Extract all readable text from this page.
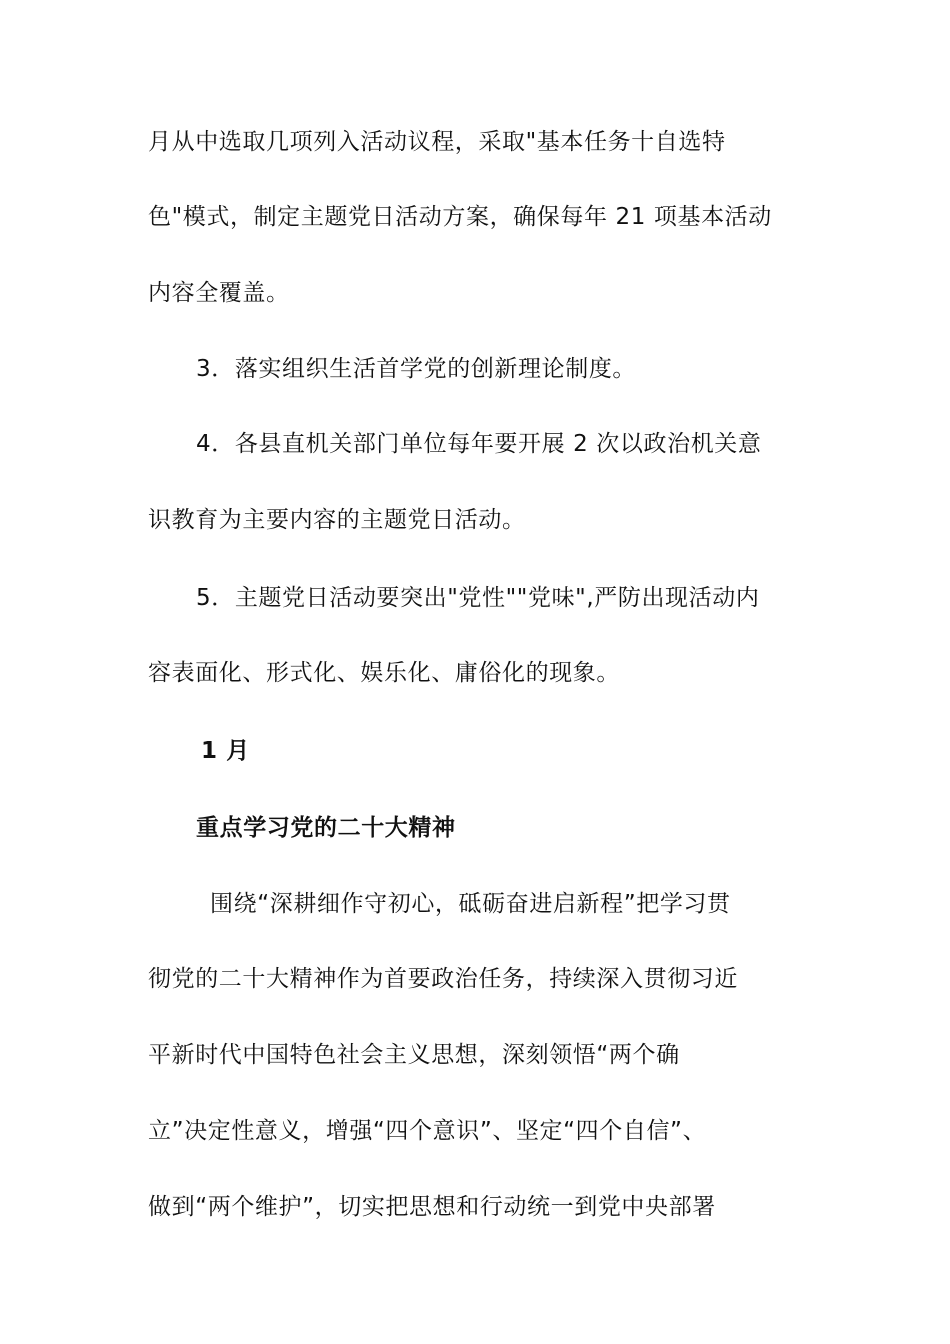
月从中选取几项列入活动议程，采取"基本任务十自选特
色"模式，制定主题党日活动方案，确保每年 21 项基本活动
内容全覆盖。
3．落实组织生活首学党的创新理论制度。
4．各县直机关部门单位每年要开展 2 次以政治机关意
识教育为主要内容的主题党日活动。
5．主题党日活动要突出"党性""党味",严防出现活动内
容表面化、形式化、娱乐化、庸俗化的现象。
1 月
重点学习党的二十大精神
围绕“深耕细作守初心，砥砺奋进启新程”把学习贯
彻党的二十大精神作为首要政治任务，持续深入贯彻习近
平新时代中国特色社会主义思想，深刻领悟“两个确
立”决定性意义，增强“四个意识”、坚定“四个自信”、
做到“两个维护”，切实把思想和行动统一到党中央部署
